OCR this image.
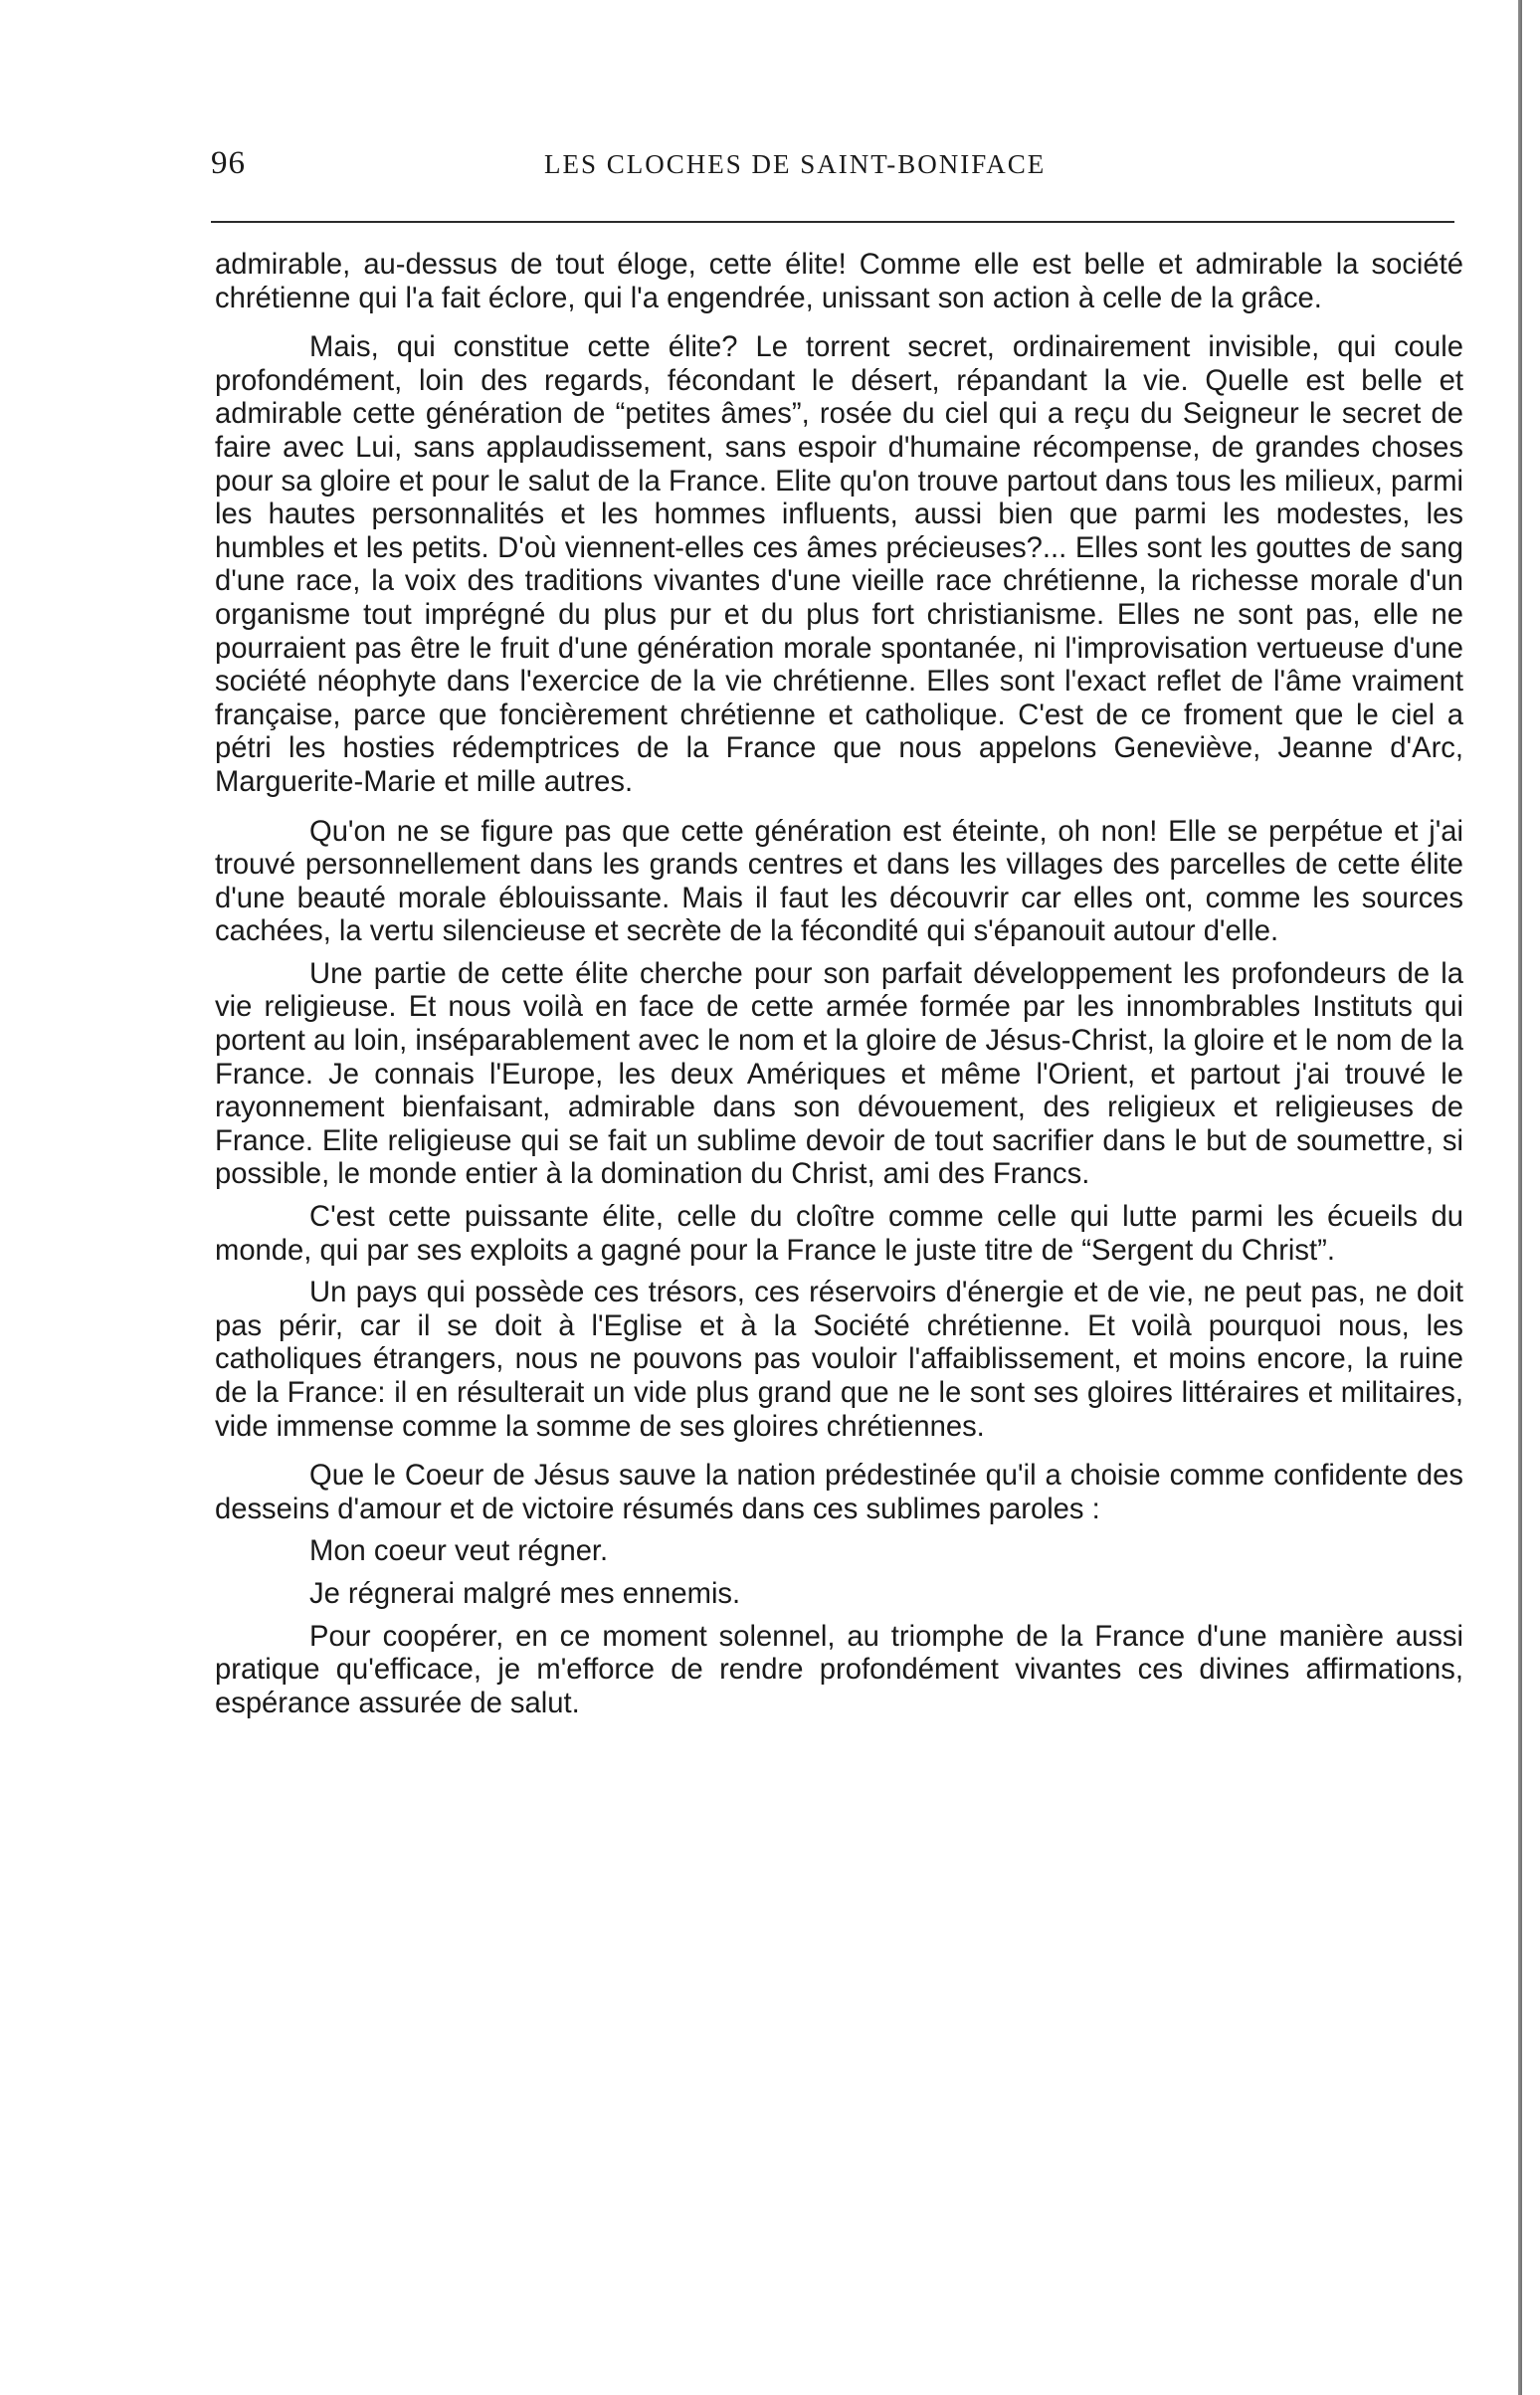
96	LES CLOCHES DE SAINT-BONIFACE

admirable, au-dessus de tout éloge, cette élite! Comme elle est belle et admirable la société chrétienne qui l'a fait éclore, qui l'a engendrée, unissant son action à celle de la grâce.

Mais, qui constitue cette élite? Le torrent secret, ordinairement invisible, qui coule profondément, loin des regards, fécondant le désert, répandant la vie. Quelle est belle et admirable cette génération de “petites âmes”, rosée du ciel qui a reçu du Seigneur le secret de faire avec Lui, sans applaudissement, sans espoir d'humaine récompense, de grandes choses pour sa gloire et pour le salut de la France. Elite qu'on trouve partout dans tous les milieux, parmi les hautes personnalités et les hommes influents, aussi bien que parmi les modestes, les humbles et les petits. D'où viennent-elles ces âmes précieuses?... Elles sont les gouttes de sang d'une race, la voix des traditions vivantes d'une vieille race chrétienne, la richesse morale d'un organisme tout imprégné du plus pur et du plus fort christianisme. Elles ne sont pas, elle ne pourraient pas être le fruit d'une génération morale spontanée, ni l'improvisation vertueuse d'une société néophyte dans l'exercice de la vie chrétienne. Elles sont l'exact reflet de l'âme vraiment française, parce que foncièrement chrétienne et catholique. C'est de ce froment que le ciel a pétri les hosties rédemptrices de la France que nous appelons Geneviève, Jeanne d'Arc, Marguerite-Marie et mille autres.

Qu'on ne se figure pas que cette génération est éteinte, oh non! Elle se perpétue et j'ai trouvé personnellement dans les grands centres et dans les villages des parcelles de cette élite d'une beauté morale éblouissante. Mais il faut les découvrir car elles ont, comme les sources cachées, la vertu silencieuse et secrète de la fécondité qui s'épanouit autour d'elle.

Une partie de cette élite cherche pour son parfait développement les profondeurs de la vie religieuse. Et nous voilà en face de cette armée formée par les innombrables Instituts qui portent au loin, inséparablement avec le nom et la gloire de Jésus-Christ, la gloire et le nom de la France. Je connais l'Europe, les deux Amériques et même l'Orient, et partout j'ai trouvé le rayonnement bienfaisant, admirable dans son dévouement, des religieux et religieuses de France. Elite religieuse qui se fait un sublime devoir de tout sacrifier dans le but de soumettre, si possible, le monde entier à la domination du Christ, ami des Francs.

C'est cette puissante élite, celle du cloître comme celle qui lutte parmi les écueils du monde, qui par ses exploits a gagné pour la France le juste titre de “Sergent du Christ”.

Un pays qui possède ces trésors, ces réservoirs d'énergie et de vie, ne peut pas, ne doit pas périr, car il se doit à l'Eglise et à la Société chrétienne. Et voilà pourquoi nous, les catholiques étrangers, nous ne pouvons pas vouloir l'affaiblissement, et moins encore, la ruine de la France: il en résulterait un vide plus grand que ne le sont ses gloires littéraires et militaires, vide immense comme la somme de ses gloires chrétiennes.

Que le Coeur de Jésus sauve la nation prédestinée qu'il a choisie comme confidente des desseins d'amour et de victoire résumés dans ces sublimes paroles :

Mon coeur veut régner.

Je régnerai malgré mes ennemis.

Pour coopérer, en ce moment solennel, au triomphe de la France d'une manière aussi pratique qu'efficace, je m'efforce de rendre profondément vivantes ces divines affirmations, espérance assurée de salut.
